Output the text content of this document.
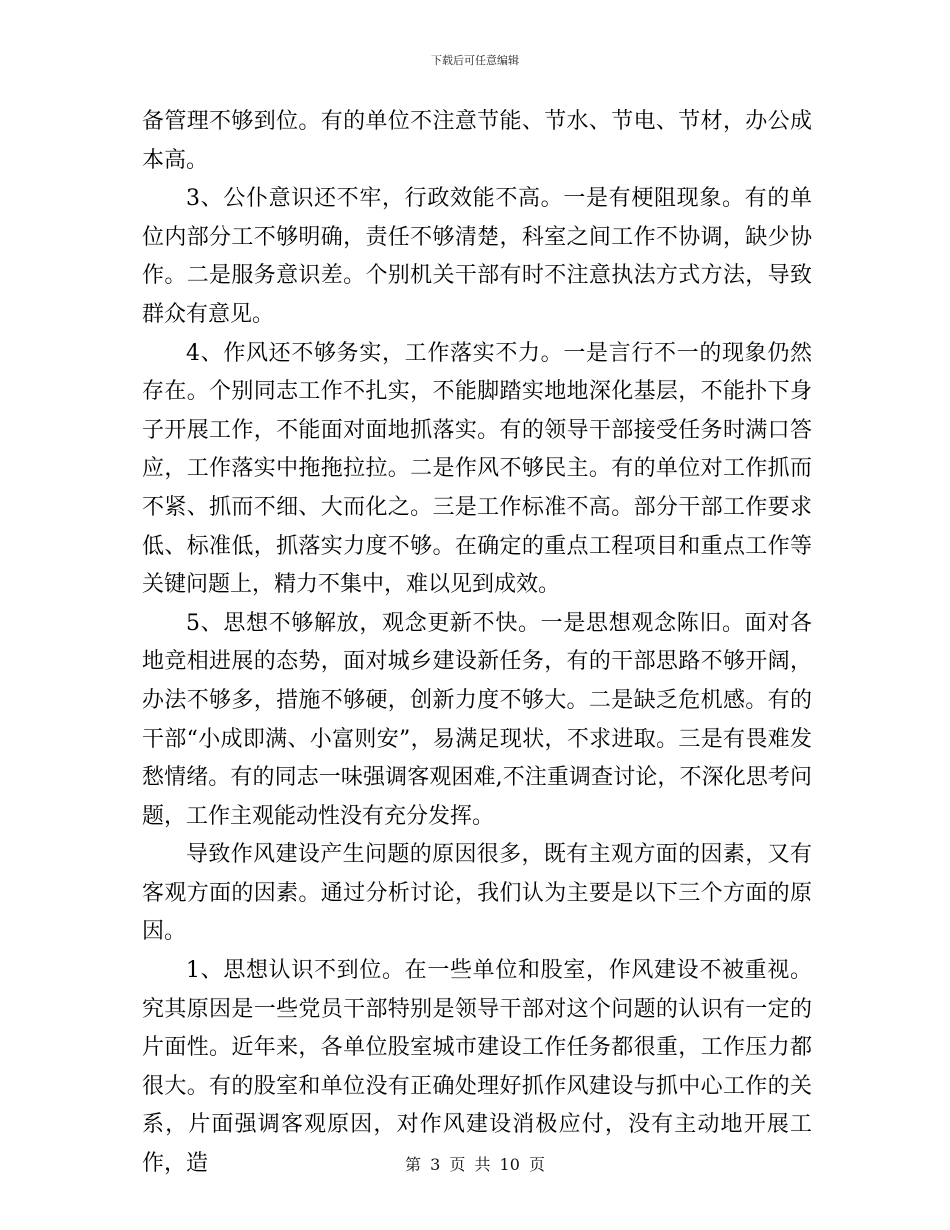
下载后可任意编辑

备管理不够到位。有的单位不注意节能、节水、节电、节材，办公成本高。

3、公仆意识还不牢，行政效能不高。一是有梗阻现象。有的单位内部分工不够明确，责任不够清楚，科室之间工作不协调，缺少协作。二是服务意识差。个别机关干部有时不注意执法方式方法，导致群众有意见。

4、作风还不够务实，工作落实不力。一是言行不一的现象仍然存在。个别同志工作不扎实，不能脚踏实地地深化基层，不能扑下身子开展工作，不能面对面地抓落实。有的领导干部接受任务时满口答应，工作落实中拖拖拉拉。二是作风不够民主。有的单位对工作抓而不紧、抓而不细、大而化之。三是工作标准不高。部分干部工作要求低、标准低，抓落实力度不够。在确定的重点工程项目和重点工作等关键问题上，精力不集中，难以见到成效。

5、思想不够解放，观念更新不快。一是思想观念陈旧。面对各地竞相进展的态势，面对城乡建设新任务，有的干部思路不够开阔，办法不够多，措施不够硬，创新力度不够大。二是缺乏危机感。有的干部“小成即满、小富则安”，易满足现状，不求进取。三是有畏难发愁情绪。有的同志一味强调客观困难,不注重调查讨论，不深化思考问题，工作主观能动性没有充分发挥。

导致作风建设产生问题的原因很多，既有主观方面的因素，又有客观方面的因素。通过分析讨论，我们认为主要是以下三个方面的原因。

1、思想认识不到位。在一些单位和股室，作风建设不被重视。究其原因是一些党员干部特别是领导干部对这个问题的认识有一定的片面性。近年来，各单位股室城市建设工作任务都很重，工作压力都很大。有的股室和单位没有正确处理好抓作风建设与抓中心工作的关系，片面强调客观原因，对作风建设消极应付，没有主动地开展工作，造	第 3 页 共 10 页
